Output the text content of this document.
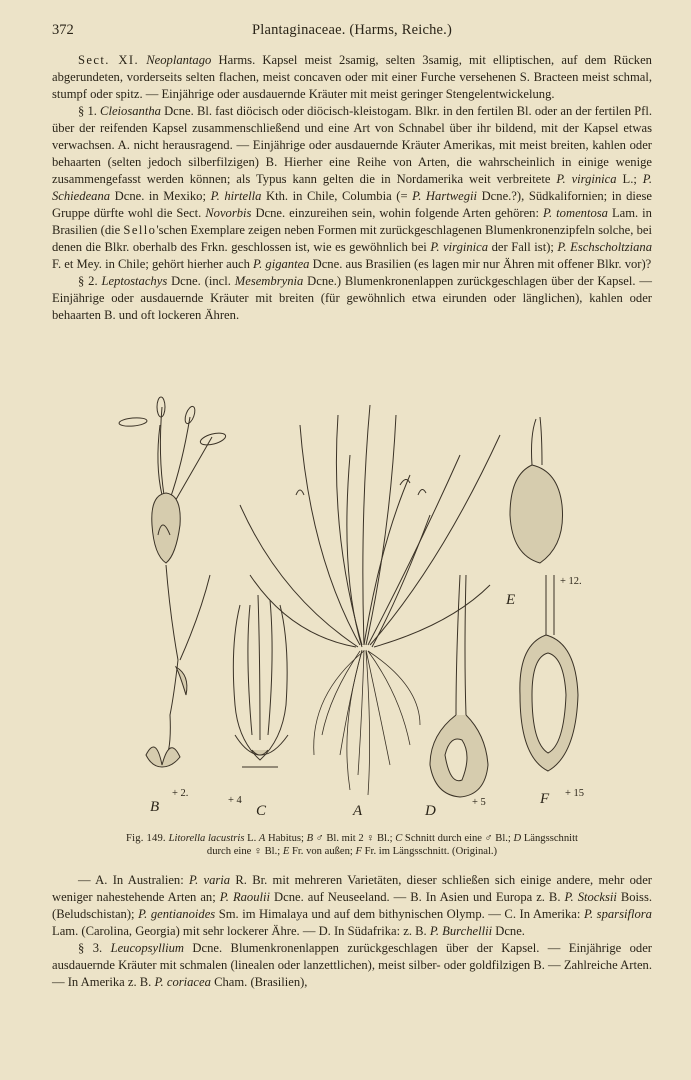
372	Plantaginaceae. (Harms, Reiche.)

Sect. XI. Neoplantago Harms. Kapsel meist 2samig, selten 3samig, mit elliptischen, auf dem Rücken abgerundeten, vorderseits selten flachen, meist concaven oder mit einer Furche versehenen S. Bracteen meist schmal, stumpf oder spitz. — Einjährige oder ausdauernde Kräuter mit meist geringer Stengelentwickelung.

§ 1. Cleiosantha Dcne. Bl. fast diöcisch oder diöcisch-kleistogam. Blkr. in den fertilen Bl. oder an der fertilen Pfl. über der reifenden Kapsel zusammenschließend und eine Art von Schnabel über ihr bildend, mit der Kapsel etwas verwachsen. A. nicht herausragend. — Einjährige oder ausdauernde Kräuter Amerikas, mit meist breiten, kahlen oder behaarten (selten jedoch silberfilzigen) B. Hierher eine Reihe von Arten, die wahrscheinlich in einige wenige zusammengefasst werden können; als Typus kann gelten die in Nordamerika weit verbreitete P. virginica L.; P. Schiedeana Dcne. in Mexiko; P. hirtella Kth. in Chile, Columbia (= P. Hartwegii Dcne.?), Südkalifornien; in diese Gruppe dürfte wohl die Sect. Novorbis Dcne. einzureihen sein, wohin folgende Arten gehören: P. tomentosa Lam. in Brasilien (die Sello'schen Exemplare zeigen neben Formen mit zurückgeschlagenen Blumenkronenzipfeln solche, bei denen die Blkr. oberhalb des Frkn. geschlossen ist, wie es gewöhnlich bei P. virginica der Fall ist); P. Eschscholtziana F. et Mey. in Chile; gehört hierher auch P. gigantea Dcne. aus Brasilien (es lagen mir nur Ähren mit offener Blkr. vor)?

§ 2. Leptostachys Dcne. (incl. Mesembrynia Dcne.) Blumenkronenlappen zurückgeschlagen über der Kapsel. — Einjährige oder ausdauernde Kräuter mit breiten (für gewöhnlich etwa eirunden oder länglichen), kahlen oder behaarten B. und oft lockeren Ähren.

B
+ 2.
C
+ 4
A	D
+ 5
E
+ 12.
F + 15
Fig. 149. Litorella lacustris L. A Habitus; B ♂ Bl. mit 2 ♀ Bl.; C Schnitt durch eine ♂ Bl.; D Längsschnitt
durch eine ♀ Bl.; E Fr. von außen; F Fr. im Längsschnitt. (Original.)

— A. In Australien: P. varia R. Br. mit mehreren Varietäten, dieser schließen sich einige andere, mehr oder weniger nahestehende Arten an; P. Raoulii Dcne. auf Neuseeland. — B. In Asien und Europa z. B. P. Stocksii Boiss. (Beludschistan); P. gentianoides Sm. im Himalaya und auf dem bithynischen Olymp. — C. In Amerika: P. sparsiflora Lam. (Carolina, Georgia) mit sehr lockerer Ähre. — D. In Südafrika: z. B. P. Burchellii Dcne.

§ 3. Leucopsyllium Dcne. Blumenkronenlappen zurückgeschlagen über der Kapsel. — Einjährige oder ausdauernde Kräuter mit schmalen (linealen oder lanzettlichen), meist silber- oder goldfilzigen B. — Zahlreiche Arten. — In Amerika z. B. P. coriacea Cham. (Brasilien),
